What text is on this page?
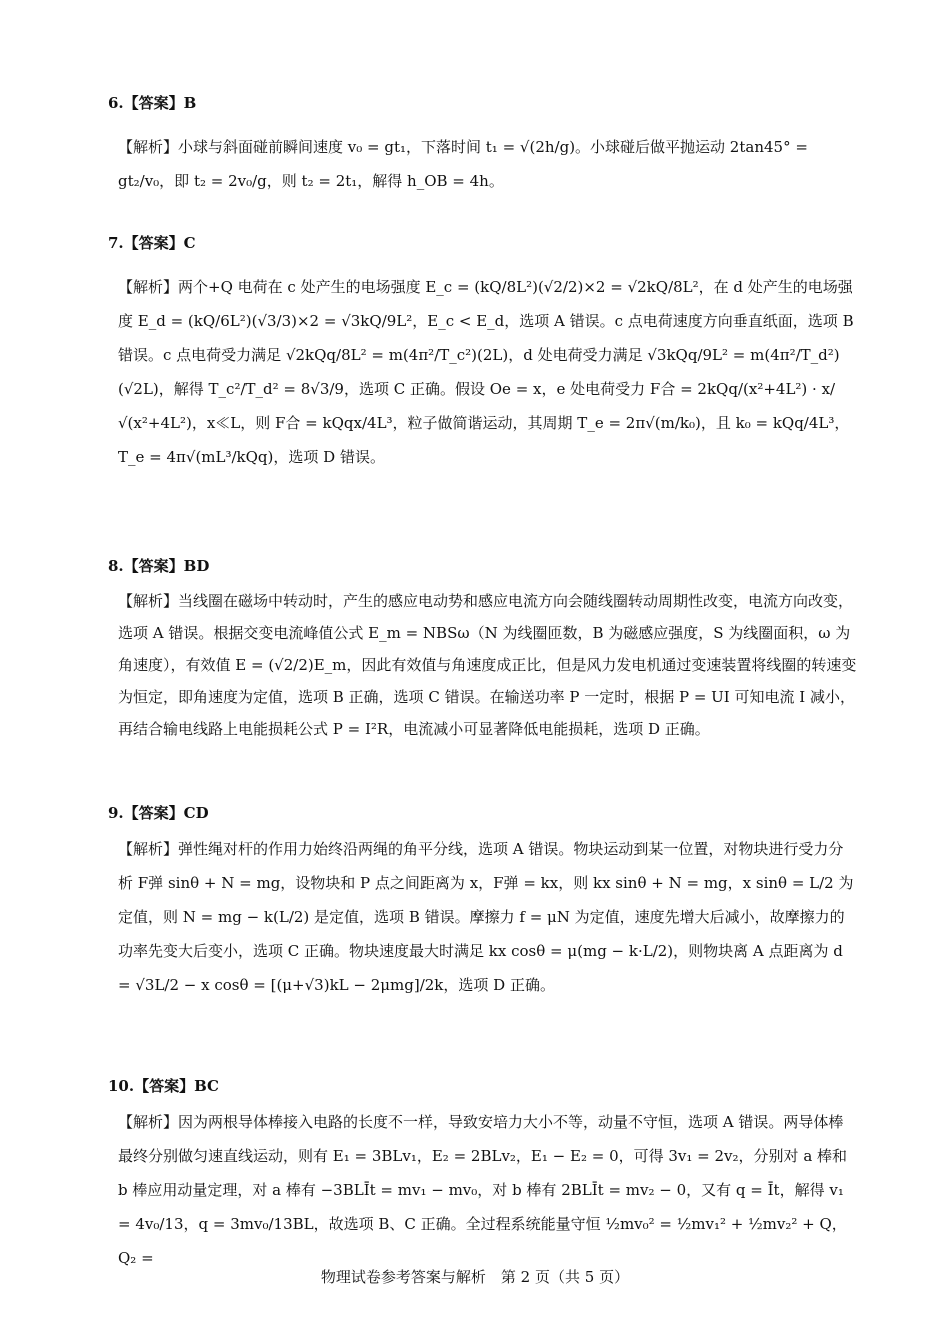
6.【答案】B
【解析】小球与斜面碰前瞬间速度 v₀ = gt₁，下落时间 t₁ = √(2h/g)。小球碰后做平抛运动 2tan45° = gt₂/v₀，即 t₂ = 2v₀/g，则 t₂ = 2t₁，解得 h_OB = 4h。
7.【答案】C
【解析】两个+Q 电荷在 c 处产生的电场强度 E_c = (kQ/8L²)(√2/2)×2 = √2kQ/8L²，在 d 处产生的电场强度 E_d = (kQ/6L²)(√3/3)×2 = √3kQ/9L²，E_c < E_d，选项 A 错误。c 点电荷速度方向垂直纸面，选项 B 错误。c 点电荷受力满足 √2kQq/8L² = m(4π²/T_c²)(2L)，d 处电荷受力满足 √3kQq/9L² = m(4π²/T_d²)(√2L)，解得 T_c²/T_d² = 8√3/9，选项 C 正确。假设 Oe = x，e 处电荷受力 F合 = 2kQq/(x²+4L²) · x/√(x²+4L²)，x≪L，则 F合 = kQqx/4L³，粒子做简谐运动，其周期 T_e = 2π√(m/k₀)，且 k₀ = kQq/4L³，T_e = 4π√(mL³/kQq)，选项 D 错误。
8.【答案】BD
【解析】当线圈在磁场中转动时，产生的感应电动势和感应电流方向会随线圈转动周期性改变，电流方向改变，选项 A 错误。根据交变电流峰值公式 E_m = NBSω（N 为线圈匝数，B 为磁感应强度，S 为线圈面积，ω 为角速度），有效值 E = (√2/2)E_m，因此有效值与角速度成正比，但是风力发电机通过变速装置将线圈的转速变为恒定，即角速度为定值，选项 B 正确，选项 C 错误。在输送功率 P 一定时，根据 P = UI 可知电流 I 减小，再结合输电线路上电能损耗公式 P = I²R，电流减小可显著降低电能损耗，选项 D 正确。
9.【答案】CD
【解析】弹性绳对杆的作用力始终沿两绳的角平分线，选项 A 错误。物块运动到某一位置，对物块进行受力分析 F弹 sinθ + N = mg，设物块和 P 点之间距离为 x，F弹 = kx，则 kx sinθ + N = mg，x sinθ = L/2 为定值，则 N = mg − k(L/2) 是定值，选项 B 错误。摩擦力 f = μN 为定值，速度先增大后减小，故摩擦力的功率先变大后变小，选项 C 正确。物块速度最大时满足 kx cosθ = μ(mg − k·L/2)，则物块离 A 点距离为 d = √3L/2 − x cosθ = [(μ+√3)kL − 2μmg]/2k，选项 D 正确。
10.【答案】BC
【解析】因为两根导体棒接入电路的长度不一样，导致安培力大小不等，动量不守恒，选项 A 错误。两导体棒最终分别做匀速直线运动，则有 E₁ = 3BLv₁，E₂ = 2BLv₂，E₁ − E₂ = 0，可得 3v₁ = 2v₂，分别对 a 棒和 b 棒应用动量定理，对 a 棒有 −3BLĪt = mv₁ − mv₀，对 b 棒有 2BLĪt = mv₂ − 0，又有 q = Īt，解得 v₁ = 4v₀/13，q = 3mv₀/13BL，故选项 B、C 正确。全过程系统能量守恒 ½mv₀² = ½mv₁² + ½mv₂² + Q，Q₂ =
物理试卷参考答案与解析　第 2 页（共 5 页）
